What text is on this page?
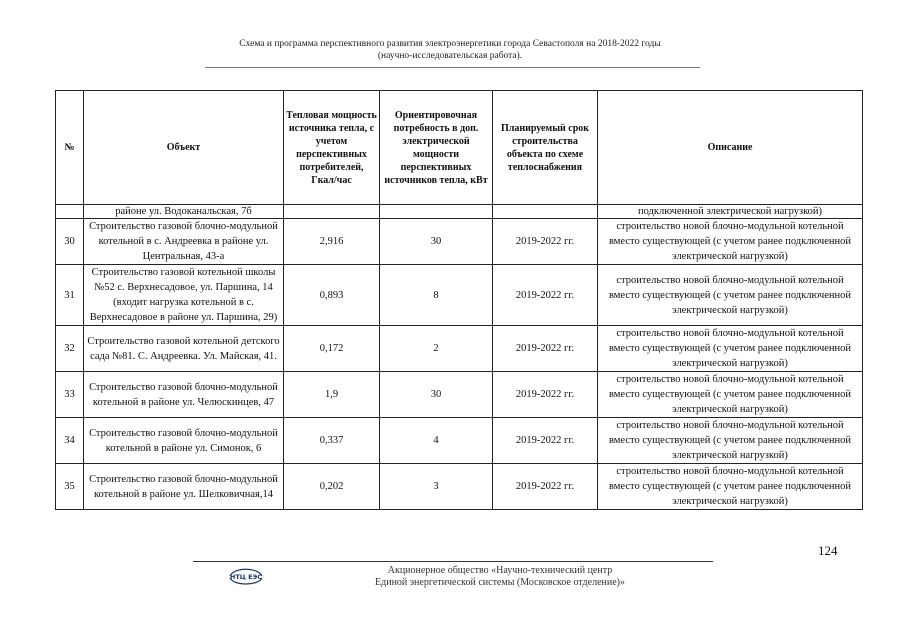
Схема и программа перспективного развития электроэнергетики города Севастополя на 2018-2022 годы
(научно-исследовательская работа).
№	Объект	Тепловая мощность источника тепла, с учетом перспективных потребителей, Гкал/час	Ориентировочная потребность в доп. электрической мощности перспективных источников тепла, кВт	Планируемый срок строительства объекта по схеме теплоснабжения	Описание
	районе ул. Водоканальская, 7б				подключенной электрической нагрузкой)
30	Строительство газовой блочно-модульной котельной в с. Андреевка в районе ул. Центральная, 43-а	2,916	30	2019-2022 гг.	строительство новой блочно-модульной котельной вместо существующей (с учетом ранее подключенной электрической нагрузкой)
31	Строительство газовой котельной школы №52 с. Верхнесадовое, ул. Паршина, 14 (входит нагрузка котельной в с. Верхнесадовое в районе ул. Паршина, 29)	0,893	8	2019-2022 гг.	строительство новой блочно-модульной котельной вместо существующей (с учетом ранее подключенной электрической нагрузкой)
32	Строительство газовой котельной детского сада №81. С. Андреевка. Ул. Майская, 41.	0,172	2	2019-2022 гг.	строительство новой блочно-модульной котельной вместо существующей (с учетом ранее подключенной электрической нагрузкой)
33	Строительство газовой блочно-модульной котельной в районе ул. Челюскинцев, 47	1,9	30	2019-2022 гг.	строительство новой блочно-модульной котельной вместо существующей (с учетом ранее подключенной электрической нагрузкой)
34	Строительство газовой блочно-модульной котельной в районе ул. Симонок, 6	0,337	4	2019-2022 гг.	строительство новой блочно-модульной котельной вместо существующей (с учетом ранее подключенной электрической нагрузкой)
35	Строительство газовой блочно-модульной котельной в районе ул. Шелковичная,14	0,202	3	2019-2022 гг.	строительство новой блочно-модульной котельной вместо существующей (с учетом ранее подключенной электрической нагрузкой)
124
НТЦ ЕЭС
Акционерное общество «Научно-технический центр
Единой энергетической системы (Московское отделение)»
